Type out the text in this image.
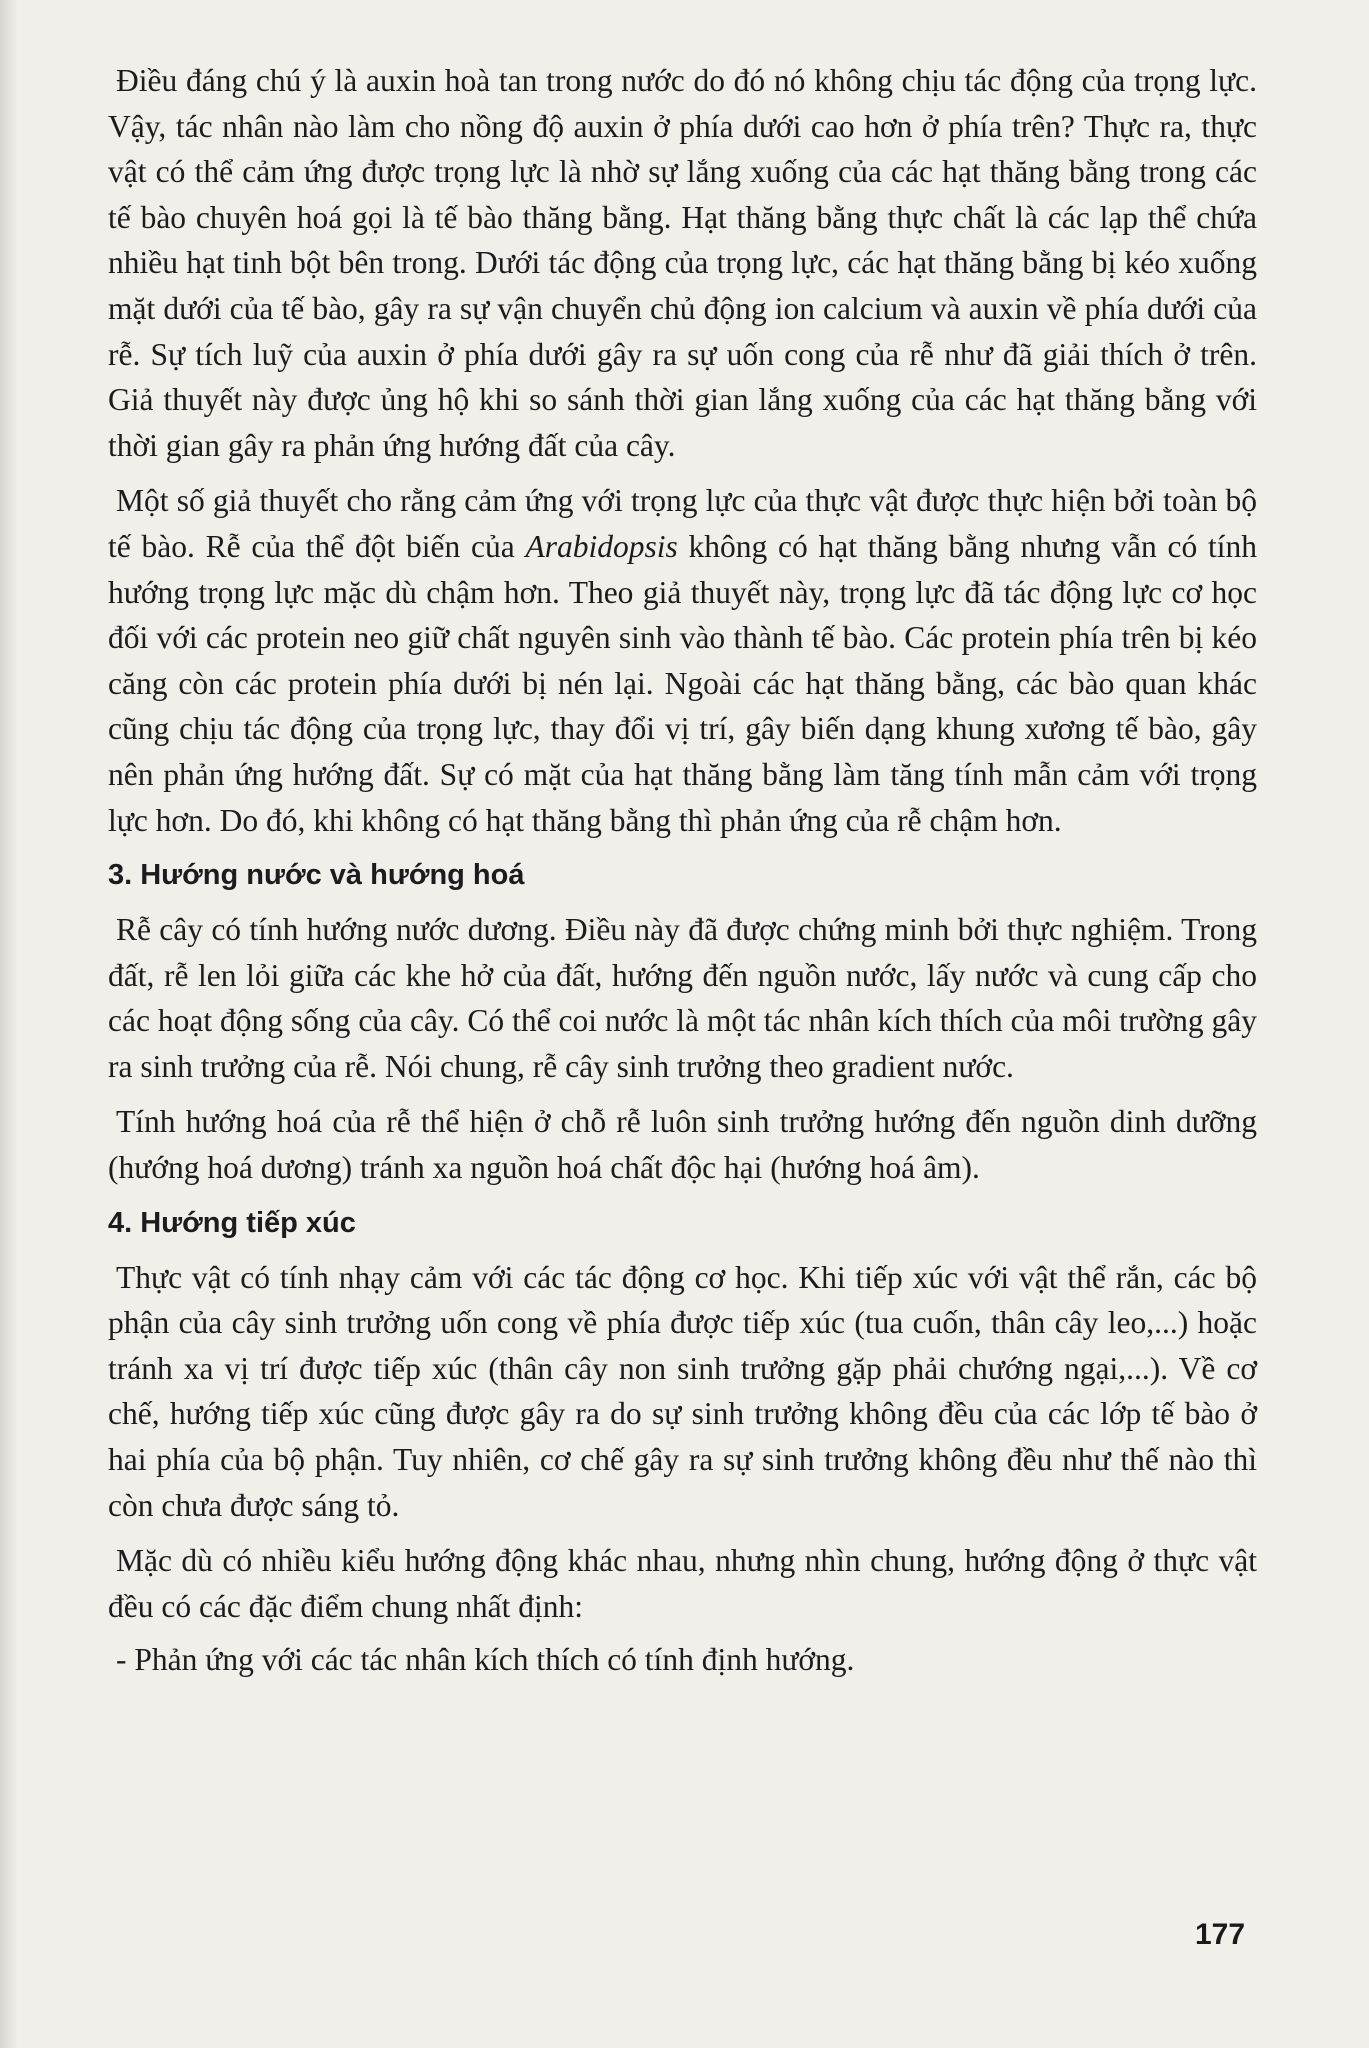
Điều đáng chú ý là auxin hoà tan trong nước do đó nó không chịu tác động của trọng lực. Vậy, tác nhân nào làm cho nồng độ auxin ở phía dưới cao hơn ở phía trên? Thực ra, thực vật có thể cảm ứng được trọng lực là nhờ sự lắng xuống của các hạt thăng bằng trong các tế bào chuyên hoá gọi là tế bào thăng bằng. Hạt thăng bằng thực chất là các lạp thể chứa nhiều hạt tinh bột bên trong. Dưới tác động của trọng lực, các hạt thăng bằng bị kéo xuống mặt dưới của tế bào, gây ra sự vận chuyển chủ động ion calcium và auxin về phía dưới của rễ. Sự tích luỹ của auxin ở phía dưới gây ra sự uốn cong của rễ như đã giải thích ở trên. Giả thuyết này được ủng hộ khi so sánh thời gian lắng xuống của các hạt thăng bằng với thời gian gây ra phản ứng hướng đất của cây.

Một số giả thuyết cho rằng cảm ứng với trọng lực của thực vật được thực hiện bởi toàn bộ tế bào. Rễ của thể đột biến của Arabidopsis không có hạt thăng bằng nhưng vẫn có tính hướng trọng lực mặc dù chậm hơn. Theo giả thuyết này, trọng lực đã tác động lực cơ học đối với các protein neo giữ chất nguyên sinh vào thành tế bào. Các protein phía trên bị kéo căng còn các protein phía dưới bị nén lại. Ngoài các hạt thăng bằng, các bào quan khác cũng chịu tác động của trọng lực, thay đổi vị trí, gây biến dạng khung xương tế bào, gây nên phản ứng hướng đất. Sự có mặt của hạt thăng bằng làm tăng tính mẫn cảm với trọng lực hơn. Do đó, khi không có hạt thăng bằng thì phản ứng của rễ chậm hơn.

3. Hướng nước và hướng hoá

Rễ cây có tính hướng nước dương. Điều này đã được chứng minh bởi thực nghiệm. Trong đất, rễ len lỏi giữa các khe hở của đất, hướng đến nguồn nước, lấy nước và cung cấp cho các hoạt động sống của cây. Có thể coi nước là một tác nhân kích thích của môi trường gây ra sinh trưởng của rễ. Nói chung, rễ cây sinh trưởng theo gradient nước.

Tính hướng hoá của rễ thể hiện ở chỗ rễ luôn sinh trưởng hướng đến nguồn dinh dưỡng (hướng hoá dương) tránh xa nguồn hoá chất độc hại (hướng hoá âm).

4. Hướng tiếp xúc

Thực vật có tính nhạy cảm với các tác động cơ học. Khi tiếp xúc với vật thể rắn, các bộ phận của cây sinh trưởng uốn cong về phía được tiếp xúc (tua cuốn, thân cây leo,...) hoặc tránh xa vị trí được tiếp xúc (thân cây non sinh trưởng gặp phải chướng ngại,...). Về cơ chế, hướng tiếp xúc cũng được gây ra do sự sinh trưởng không đều của các lớp tế bào ở hai phía của bộ phận. Tuy nhiên, cơ chế gây ra sự sinh trưởng không đều như thế nào thì còn chưa được sáng tỏ.

Mặc dù có nhiều kiểu hướng động khác nhau, nhưng nhìn chung, hướng động ở thực vật đều có các đặc điểm chung nhất định:

- Phản ứng với các tác nhân kích thích có tính định hướng.

177
